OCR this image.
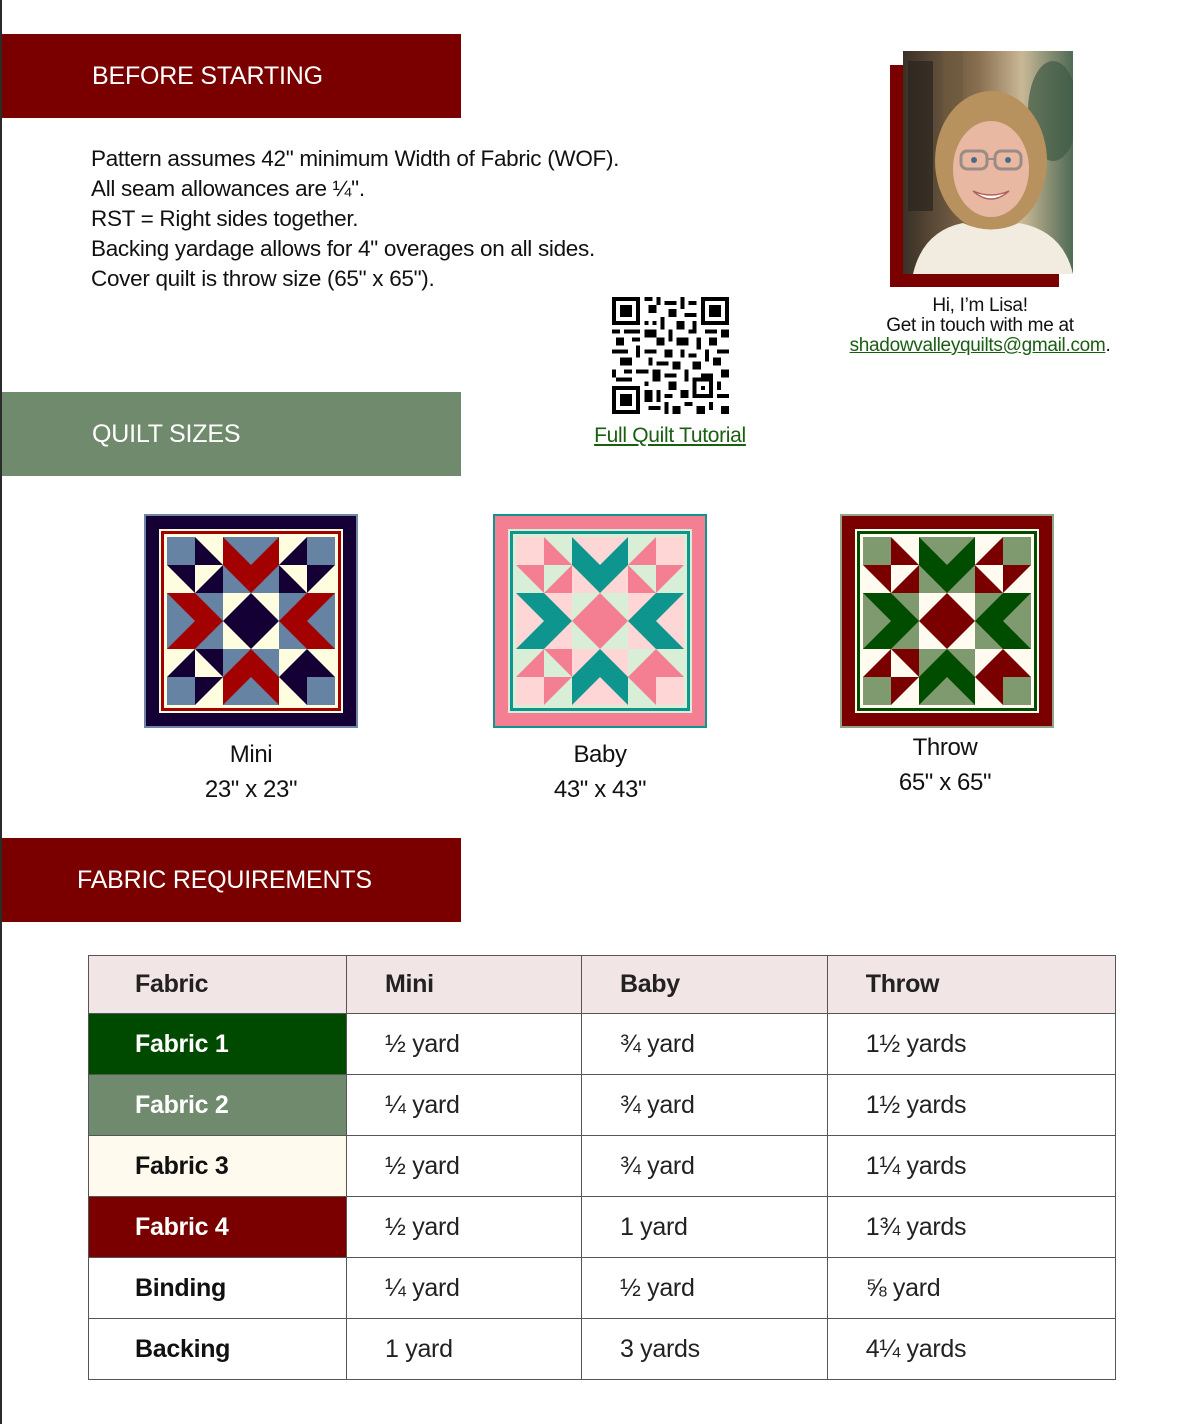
BEFORE STARTING
Pattern assumes 42" minimum Width of Fabric (WOF).
All seam allowances are ¼".
RST = Right sides together.
Backing yardage allows for 4" overages on all sides.
Cover quilt is throw size (65" x 65").
Hi, I’m Lisa!
Get in touch with me at
shadowvalleyquilts@gmail.com.
Full Quilt Tutorial
QUILT SIZES
Mini
23" x 23"
Baby
43" x 43"
Throw
65" x 65"
FABRIC REQUIREMENTS
Fabric	Mini	Baby	Throw
Fabric 1	½ yard	¾ yard	1½ yards
Fabric 2	¼ yard	¾ yard	1½ yards
Fabric 3	½ yard	¾ yard	1¼ yards
Fabric 4	½ yard	1 yard	1¾ yards
Binding	¼ yard	½ yard	⅝ yard
Backing	1 yard	3 yards	4¼ yards
